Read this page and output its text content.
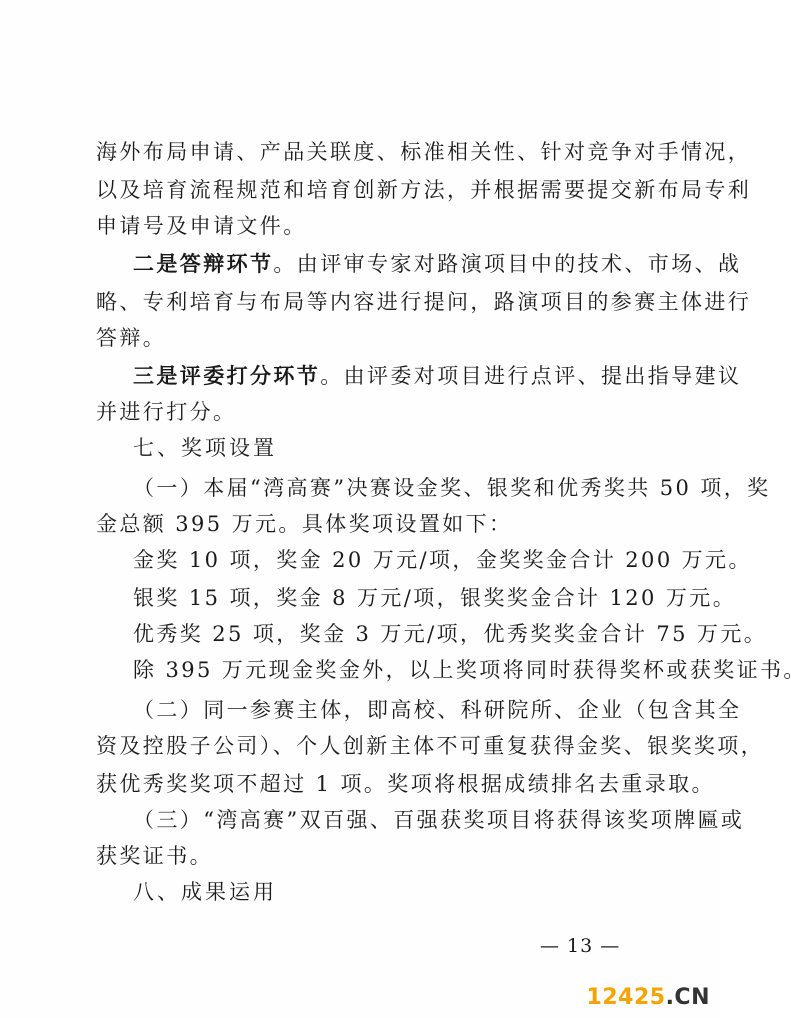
海外布局申请、产品关联度、标准相关性、针对竞争对手情况，
以及培育流程规范和培育创新方法，并根据需要提交新布局专利
申请号及申请文件。
二是答辩环节。由评审专家对路演项目中的技术、市场、战
略、专利培育与布局等内容进行提问，路演项目的参赛主体进行
答辩。
三是评委打分环节。由评委对项目进行点评、提出指导建议
并进行打分。
七、奖项设置
（一）本届“湾高赛”决赛设金奖、银奖和优秀奖共 50 项，奖
金总额 395 万元。具体奖项设置如下：
金奖 10 项，奖金 20 万元/项，金奖奖金合计 200 万元。
银奖 15 项，奖金 8 万元/项，银奖奖金合计 120 万元。
优秀奖 25 项，奖金 3 万元/项，优秀奖奖金合计 75 万元。
除 395 万元现金奖金外，以上奖项将同时获得奖杯或获奖证书。
（二）同一参赛主体，即高校、科研院所、企业（包含其全
资及控股子公司）、个人创新主体不可重复获得金奖、银奖奖项，
获优秀奖奖项不超过 1 项。奖项将根据成绩排名去重录取。
（三）“湾高赛”双百强、百强获奖项目将获得该奖项牌匾或
获奖证书。
八、成果运用
— 13 —
12425.CN
